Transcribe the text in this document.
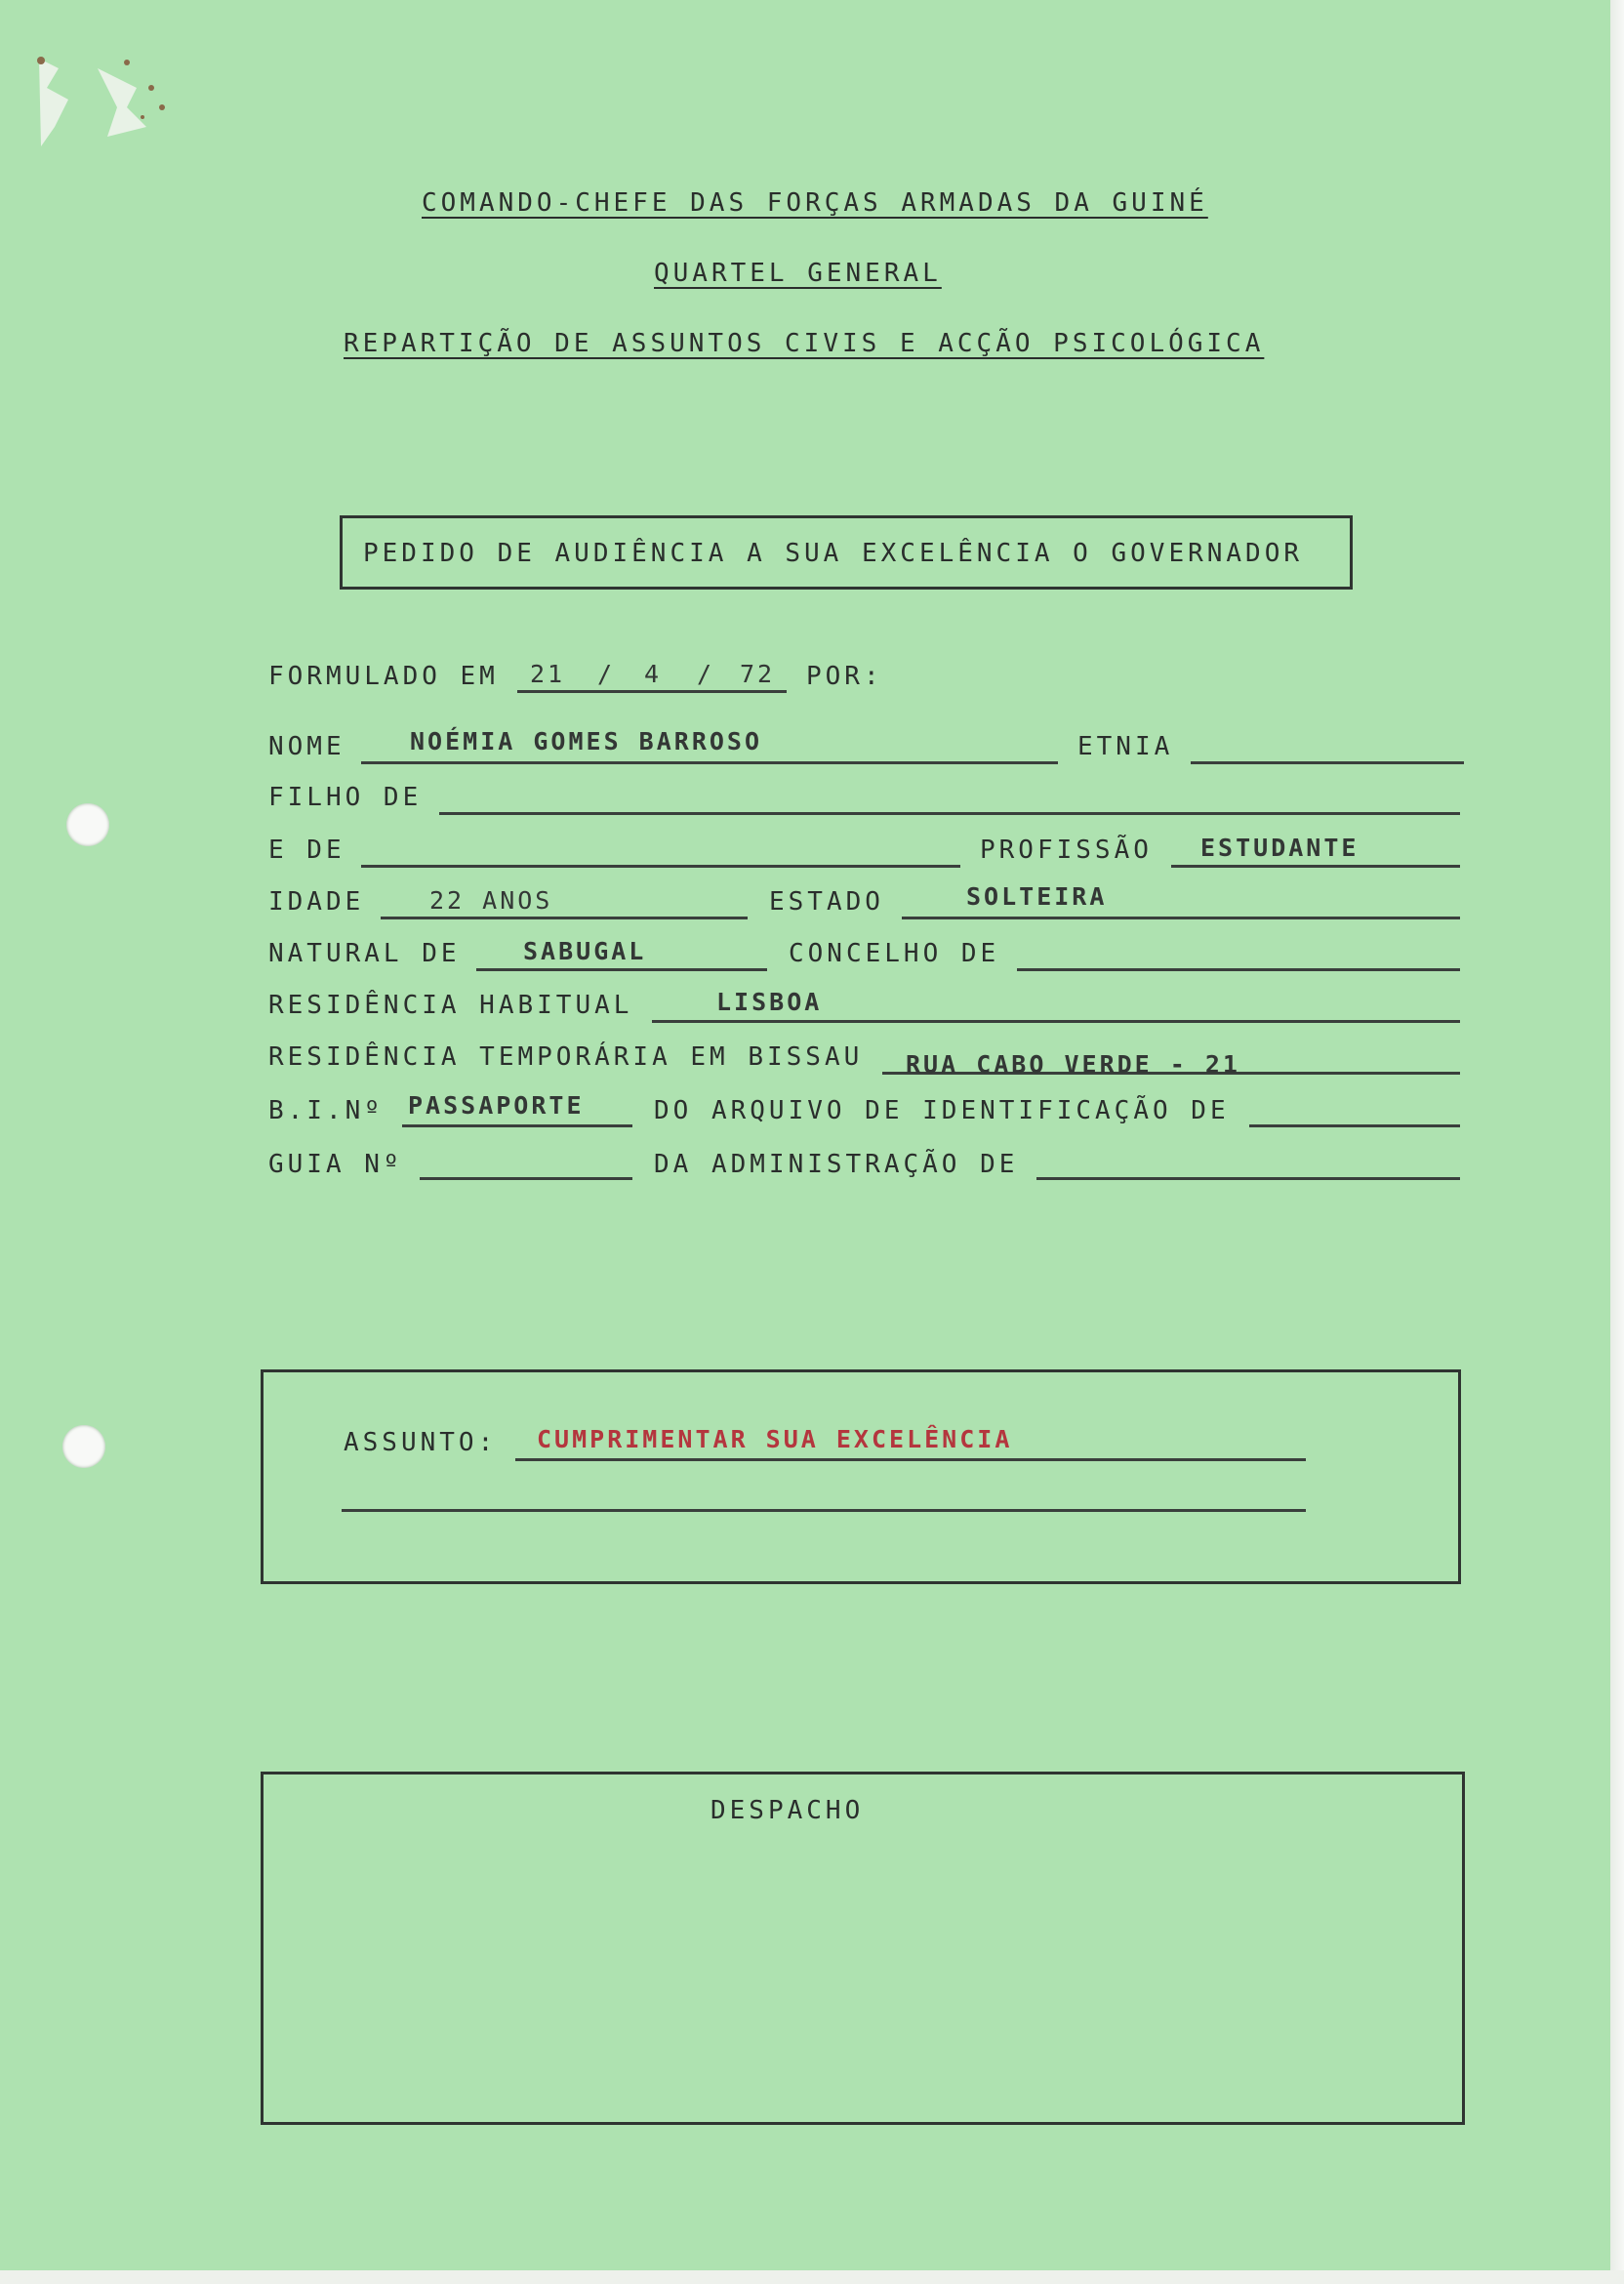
COMANDO-CHEFE DAS FORÇAS ARMADAS DA GUINÉ
QUARTEL GENERAL
REPARTIÇÃO DE ASSUNTOS CIVIS E ACÇÃO PSICOLÓGICA
PEDIDO DE AUDIÊNCIA A SUA EXCELÊNCIA O GOVERNADOR
FORMULADO EM 21 / 4 / 72 POR:
NOME	NOÉMIA GOMES BARROSO	ETNIA
FILHO DE
E DE	PROFISSÃO ESTUDANTE
IDADE	22 ANOS	ESTADO	SOLTEIRA
NATURAL DE	SABUGAL	CONCELHO DE
RESIDÊNCIA HABITUAL	LISBOA
RESIDÊNCIA TEMPORÁRIA EM BISSAU RUA CABO VERDE - 21
B.I.Nº PASSAPORTE	DO ARQUIVO DE IDENTIFICAÇÃO DE
GUIA Nº	DA ADMINISTRAÇÃO DE
ASSUNTO: CUMPRIMENTAR SUA EXCELÊNCIA
DESPACHO
